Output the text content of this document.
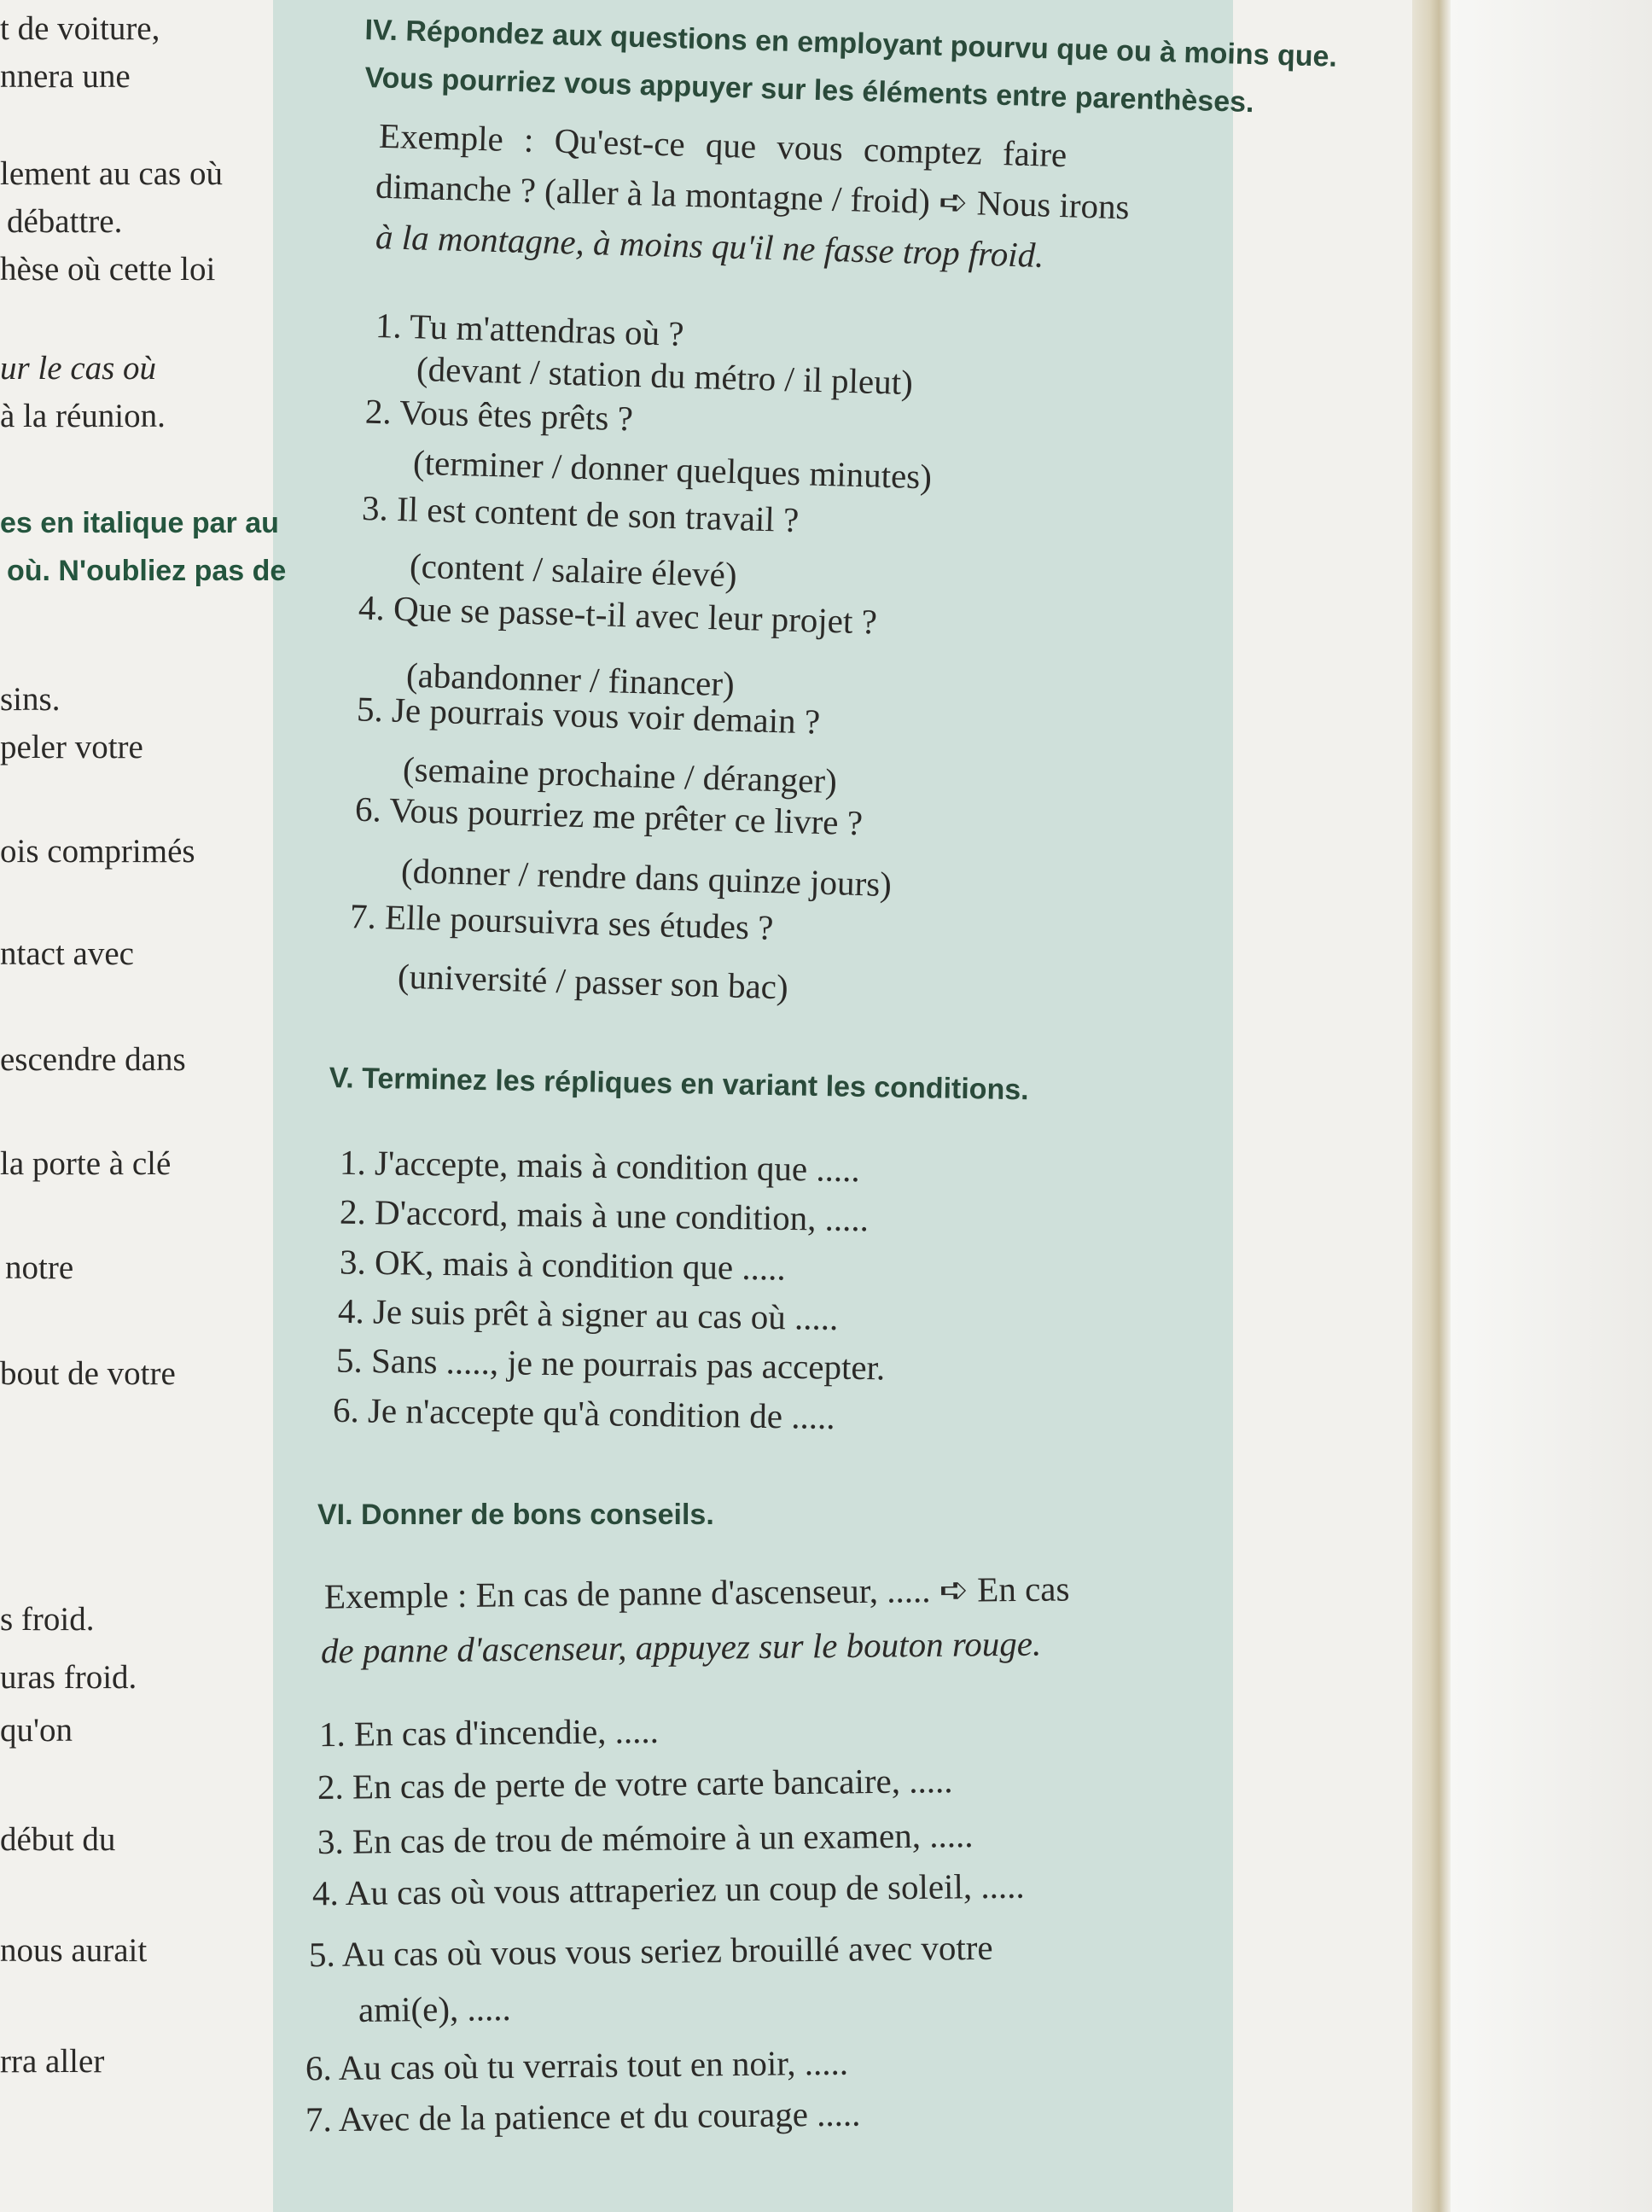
t de voiture,
nnera une
lement au cas où
débattre.
hèse où cette loi
ur le cas où
à la réunion.
es en italique par au
où. N'oubliez pas de
sins.
peler votre
ois comprimés
ntact avec
escendre dans
la porte à clé
notre
bout de votre
s froid.
uras froid.
qu'on
début du
nous aurait
rra aller
IV. Répondez aux questions en employant pourvu que ou à moins que.
Vous pourriez vous appuyer sur les éléments entre parenthèses.
Exemple : Qu'est-ce que vous comptez faire
dimanche ? (aller à la montagne / froid) ➪ Nous irons
à la montagne, à moins qu'il ne fasse trop froid.
1. Tu m'attendras où ?
(devant / station du métro / il pleut)
2. Vous êtes prêts ?
(terminer / donner quelques minutes)
3. Il est content de son travail ?
(content / salaire élevé)
4. Que se passe-t-il avec leur projet ?
(abandonner / financer)
5. Je pourrais vous voir demain ?
(semaine prochaine / déranger)
6. Vous pourriez me prêter ce livre ?
(donner / rendre dans quinze jours)
7. Elle poursuivra ses études ?
(université / passer son bac)
V. Terminez les répliques en variant les conditions.
1. J'accepte, mais à condition que .....
2. D'accord, mais à une condition, .....
3. OK, mais à condition que .....
4. Je suis prêt à signer au cas où .....
5. Sans ....., je ne pourrais pas accepter.
6. Je n'accepte qu'à condition de .....
VI. Donner de bons conseils.
Exemple : En cas de panne d'ascenseur, ..... ➪ En cas
de panne d'ascenseur, appuyez sur le bouton rouge.
1. En cas d'incendie, .....
2. En cas de perte de votre carte bancaire, .....
3. En cas de trou de mémoire à un examen, .....
4. Au cas où vous attraperiez un coup de soleil, .....
5. Au cas où vous vous seriez brouillé avec votre
ami(e), .....
6. Au cas où tu verrais tout en noir, .....
7. Avec de la patience et du courage .....
